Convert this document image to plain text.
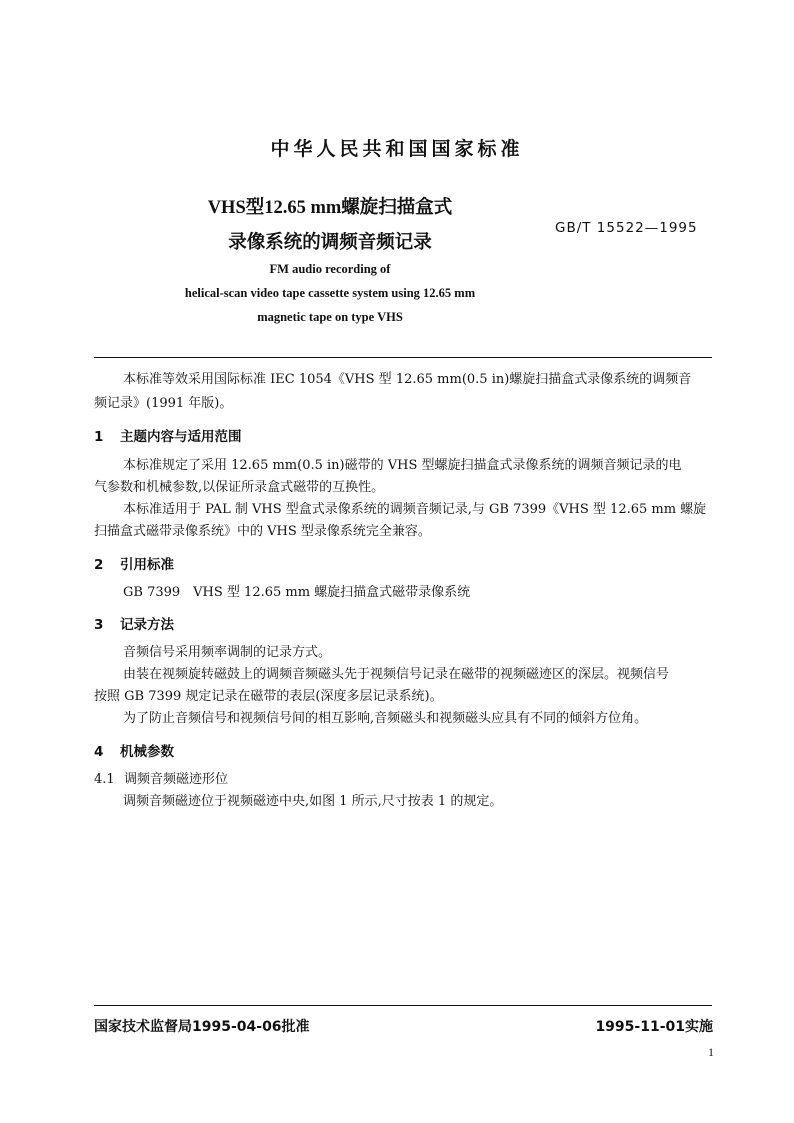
中华人民共和国国家标准
VHS型12.65 mm螺旋扫描盒式
录像系统的调频音频记录
GB/T 15522—1995
FM audio recording of
helical-scan video tape cassette system using 12.65 mm
magnetic tape on type VHS
本标准等效采用国际标准 IEC 1054《VHS 型 12.65 mm(0.5 in)螺旋扫描盒式录像系统的调频音
频记录》(1991 年版)。
1 主题内容与适用范围
本标准规定了采用 12.65 mm(0.5 in)磁带的 VHS 型螺旋扫描盒式录像系统的调频音频记录的电
气参数和机械参数,以保证所录盒式磁带的互换性。
本标准适用于 PAL 制 VHS 型盒式录像系统的调频音频记录,与 GB 7399《VHS 型 12.65 mm 螺旋
扫描盒式磁带录像系统》中的 VHS 型录像系统完全兼容。
2 引用标准
GB 7399　VHS 型 12.65 mm 螺旋扫描盒式磁带录像系统
3 记录方法
音频信号采用频率调制的记录方式。
由装在视频旋转磁鼓上的调频音频磁头先于视频信号记录在磁带的视频磁迹区的深层。视频信号
按照 GB 7399 规定记录在磁带的表层(深度多层记录系统)。
为了防止音频信号和视频信号间的相互影响,音频磁头和视频磁头应具有不同的倾斜方位角。
4 机械参数
4.1 调频音频磁迹形位
调频音频磁迹位于视频磁迹中央,如图 1 所示,尺寸按表 1 的规定。
国家技术监督局1995-04-06批准	1995-11-01实施
1
